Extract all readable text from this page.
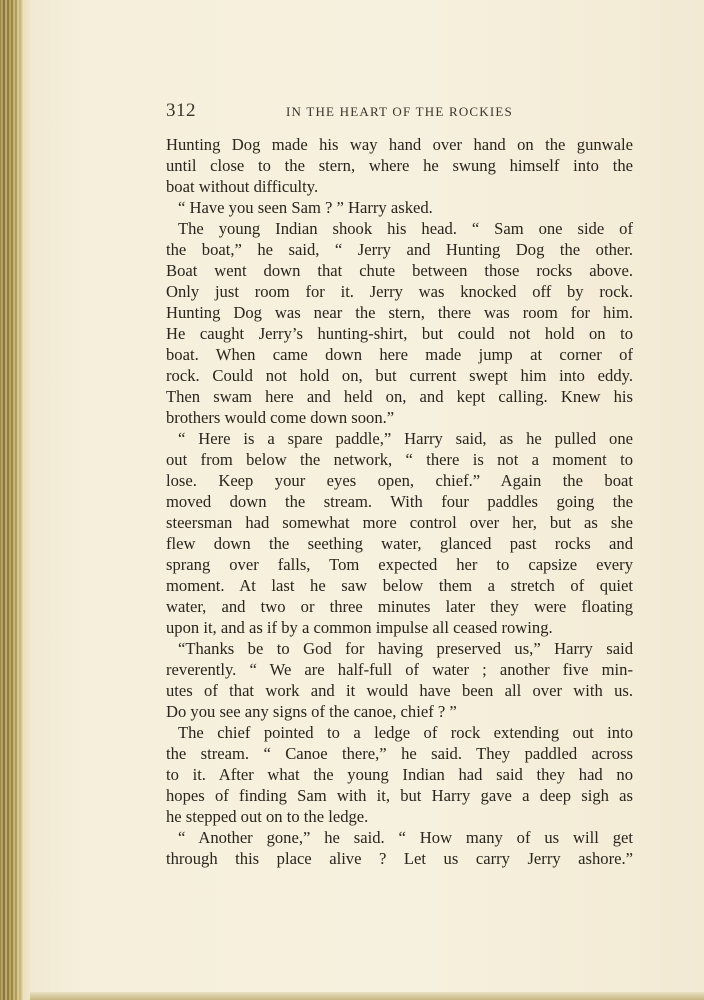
312	IN THE HEART OF THE ROCKIES
Hunting Dog made his way hand over hand on the gunwale
until close to the stern, where he swung himself into the
boat without difficulty.
“ Have you seen Sam ? ” Harry asked.
The young Indian shook his head. “ Sam one side of
the boat,” he said, “ Jerry and Hunting Dog the other.
Boat went down that chute between those rocks above.
Only just room for it. Jerry was knocked off by rock.
Hunting Dog was near the stern, there was room for him.
He caught Jerry’s hunting-shirt, but could not hold on to
boat. When came down here made jump at corner of
rock. Could not hold on, but current swept him into eddy.
Then swam here and held on, and kept calling. Knew his
brothers would come down soon.”
“ Here is a spare paddle,” Harry said, as he pulled one
out from below the network, “ there is not a moment to
lose. Keep your eyes open, chief.” Again the boat
moved down the stream. With four paddles going the
steersman had somewhat more control over her, but as she
flew down the seething water, glanced past rocks and
sprang over falls, Tom expected her to capsize every
moment. At last he saw below them a stretch of quiet
water, and two or three minutes later they were floating
upon it, and as if by a common impulse all ceased rowing.
“Thanks be to God for having preserved us,” Harry said
reverently. “ We are half-full of water ; another five min-
utes of that work and it would have been all over with us.
Do you see any signs of the canoe, chief ? ”
The chief pointed to a ledge of rock extending out into
the stream. “ Canoe there,” he said. They paddled across
to it. After what the young Indian had said they had no
hopes of finding Sam with it, but Harry gave a deep sigh as
he stepped out on to the ledge.
“ Another gone,” he said. “ How many of us will get
through this place alive ? Let us carry Jerry ashore.”
